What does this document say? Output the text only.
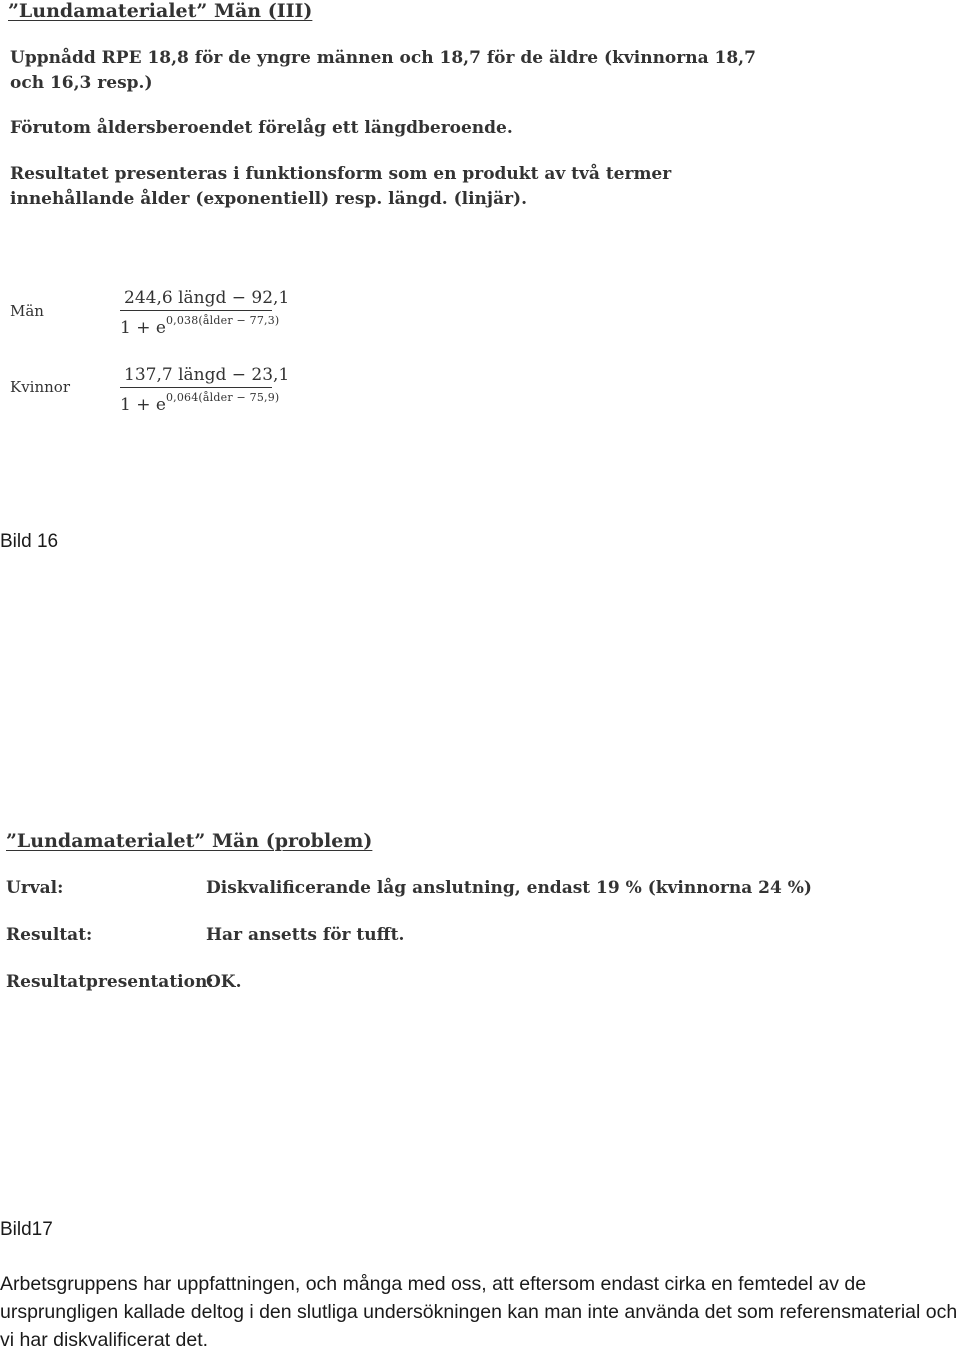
”Lundamaterialet” Män (III)
Uppnådd RPE 18,8 för de yngre männen och 18,7 för de äldre (kvinnorna 18,7 och 16,3 resp.)
Förutom åldersberoendet förelåg ett längdberoende.
Resultatet presenteras i funktionsform som en produkt av två termer innehållande ålder (exponentiell) resp. längd. (linjär).
Män
244,6 längd − 92,1
$1 + e^{0,038(ålder - 77,3)}$
Kvinnor
137,7 längd − 23,1
$1 + e^{0,064(ålder - 75,9)}$
Bild 16
”Lundamaterialet” Män (problem)
Urval:	Diskvalificerande låg anslutning, endast 19 % (kvinnorna 24 %)
Resultat:	Har ansetts för tufft.
Resultatpresentation:
OK.
Bild17
Arbetsgruppens har uppfattningen, och många med oss, att eftersom endast cirka en femtedel av de ursprungligen kallade deltog i den slutliga undersökningen kan man inte använda det som referensmaterial och vi har diskvalificerat det.
